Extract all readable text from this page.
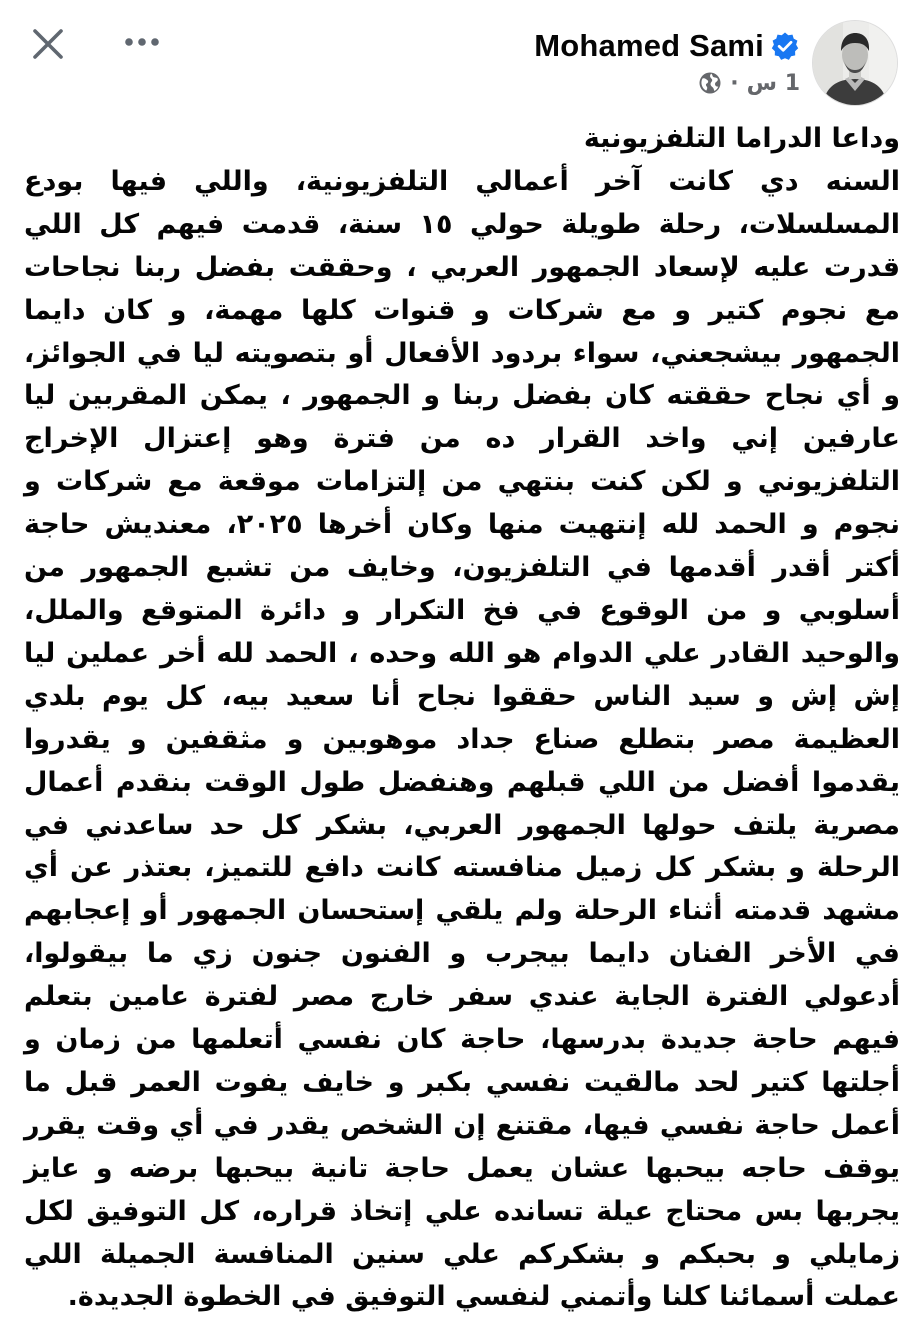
Mohamed Sami
· 1 س
وداعا الدراما التلفزيونية
السنه دي كانت آخر أعمالي التلفزيونية، واللي فيها بودع المسلسلات، رحلة طويلة حولي ١٥ سنة، قدمت فيهم كل اللي قدرت عليه لإسعاد الجمهور العربي ، وحققت بفضل ربنا نجاحات مع نجوم كتير و مع شركات و قنوات كلها مهمة، و كان دايما الجمهور بيشجعني، سواء بردود الأفعال أو بتصويته ليا في الجوائز، و أي نجاح حققته كان بفضل ربنا و الجمهور ، يمكن المقربين ليا عارفين إني واخد القرار ده من فترة وهو إعتزال الإخراج التلفزيوني و لكن كنت بنتهي من إلتزامات موقعة مع شركات و نجوم و الحمد لله إنتهيت منها وكان أخرها ٢٠٢٥، معنديش حاجة أكتر أقدر أقدمها في التلفزيون، وخايف من تشبع الجمهور من أسلوبي و من الوقوع في فخ التكرار و دائرة المتوقع والملل، والوحيد القادر علي الدوام هو الله وحده ، الحمد لله أخر عملين ليا إش إش و سيد الناس حققوا نجاح أنا سعيد بيه، كل يوم بلدي العظيمة مصر بتطلع صناع جداد موهوبين و مثقفين و يقدروا يقدموا أفضل من اللي قبلهم وهنفضل طول الوقت بنقدم أعمال مصرية يلتف حولها الجمهور العربي، بشكر كل حد ساعدني في الرحلة و بشكر كل زميل منافسته كانت دافع للتميز، بعتذر عن أي مشهد قدمته أثناء الرحلة ولم يلقي إستحسان الجمهور أو إعجابهم في الأخر الفنان دايما بيجرب و الفنون جنون زي ما بيقولوا، أدعولي الفترة الجاية عندي سفر خارج مصر لفترة عامين بتعلم فيهم حاجة جديدة بدرسها، حاجة كان نفسي أتعلمها من زمان و أجلتها كتير لحد مالقيت نفسي بكبر و خايف يفوت العمر قبل ما أعمل حاجة نفسي فيها، مقتنع إن الشخص يقدر في أي وقت يقرر يوقف حاجه بيحبها عشان يعمل حاجة تانية بيحبها برضه و عايز يجربها بس محتاج عيلة تسانده علي إتخاذ قراره، كل التوفيق لكل زمايلي و بحبكم و بشكركم علي سنين المنافسة الجميلة اللي عملت أسمائنا كلنا وأتمني لنفسي التوفيق في الخطوة الجديدة.
